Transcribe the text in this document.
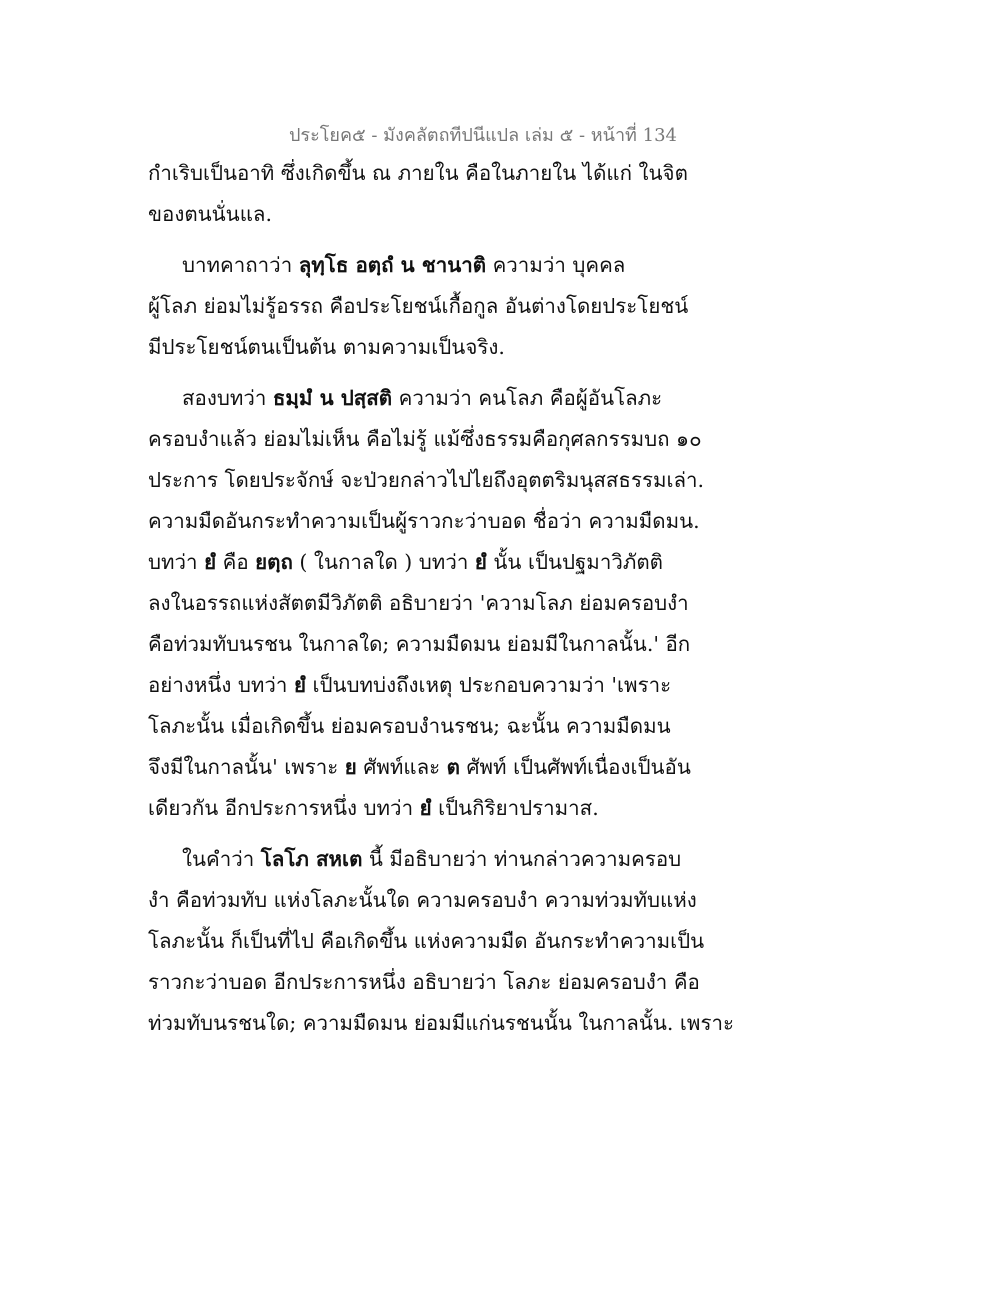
ประโยค๕ - มังคลัตถทีปนีแปล เล่ม ๕ - หน้าที่ 134
กำเริบเป็นอาทิ ซึ่งเกิดขึ้น ณ ภายใน คือในภายใน ได้แก่ ในจิต
ของตนนั่นแล.
บาทคาถาว่า ลุทฺโธ อตฺถํ น ชานาติ ความว่า บุคคล
ผู้โลภ ย่อมไม่รู้อรรถ คือประโยชน์เกื้อกูล อันต่างโดยประโยชน์
มีประโยชน์ตนเป็นต้น ตามความเป็นจริง.
สองบทว่า ธมฺมํ น ปสฺสติ ความว่า คนโลภ คือผู้อันโลภะ
ครอบงำแล้ว ย่อมไม่เห็น คือไม่รู้ แม้ซึ่งธรรมคือกุศลกรรมบถ ๑๐
ประการ โดยประจักษ์ จะป่วยกล่าวไปไยถึงอุตตริมนุสสธรรมเล่า.
ความมืดอันกระทำความเป็นผู้ราวกะว่าบอด ชื่อว่า ความมืดมน.
บทว่า ยํ คือ ยตฺถ ( ในกาลใด ) บทว่า ยํ นั้น เป็นปฐมาวิภัตติ
ลงในอรรถแห่งสัตตมีวิภัตติ อธิบายว่า 'ความโลภ ย่อมครอบงำ
คือท่วมทับนรชน ในกาลใด; ความมืดมน ย่อมมีในกาลนั้น.' อีก
อย่างหนึ่ง บทว่า ยํ เป็นบทบ่งถึงเหตุ ประกอบความว่า 'เพราะ
โลภะนั้น เมื่อเกิดขึ้น ย่อมครอบงำนรชน; ฉะนั้น ความมืดมน
จึงมีในกาลนั้น' เพราะ ย ศัพท์และ ต ศัพท์ เป็นศัพท์เนื่องเป็นอัน
เดียวกัน อีกประการหนึ่ง บทว่า ยํ เป็นกิริยาปรามาส.
ในคำว่า โลโภ สหเต นี้ มีอธิบายว่า ท่านกล่าวความครอบ
งำ คือท่วมทับ แห่งโลภะนั้นใด ความครอบงำ ความท่วมทับแห่ง
โลภะนั้น ก็เป็นที่ไป คือเกิดขึ้น แห่งความมืด อันกระทำความเป็น
ราวกะว่าบอด อีกประการหนึ่ง อธิบายว่า โลภะ ย่อมครอบงำ คือ
ท่วมทับนรชนใด; ความมืดมน ย่อมมีแก่นรชนนั้น ในกาลนั้น. เพราะ
